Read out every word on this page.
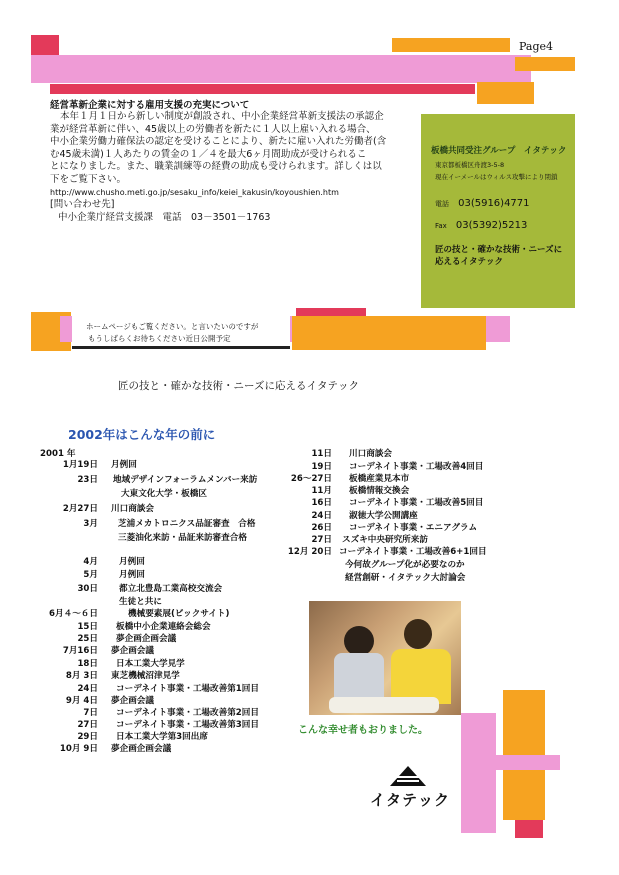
Page4
経営革新企業に対する雇用支援の充実について

本年１月１日から新しい制度が創設され、中小企業経営革新支援法の承認企

業が経営革新に伴い、45歳以上の労働者を新たに１人以上雇い入れる場合、

中小企業労働力確保法の認定を受けることにより、新たに雇い入れた労働者(含

む45歳未満)１人あたりの賃金の１／４を最大6ヶ月間助成が受けられるこ

とになりました。また、職業訓練等の経費の助成も受けられます。詳しくは以

下をご覧下さい。

http://www.chusho.meti.go.jp/sesaku_info/keiei_kakusin/koyoushien.htm

[問い合わせ先]

中小企業庁経営支援課　電話　03－3501－1763

板橋共同受注グループ　イタテック
東京都板橋区舟渡3-5-8
現在イーメールはウィルス攻撃により閉鎖
電話 03(5916)4771
Fax 03(5392)5213
匠の技と・確かな技術・ニーズに
応えるイタテック
ホームページもご覧ください。と言いたいのですが
もうしばらくお待ちください近日公開予定
匠の技と・確かな技術・ニーズに応えるイタテック
2002年はこんな年の前に
2001 年
1月19日 月例回
23日 地域デザインフォーラムメンバー来訪
大東文化大学・板橋区
2月27日 川口商談会
3月 芝浦メカトロニクス品証審査　合格
三菱油化来訪・品証来訪審査合格
4月 月例回
5月 月例回
30日 都立北豊島工業高校交流会
生徒と共に
6月４～６日	機械要素展(ビックサイト)
15日 板橋中小企業連絡会総会
25日 夢企画企画会議
7月16日 夢企画会議
18日 日本工業大学見学
8月 3日 東芝機械沼津見学
24日 コーデネイト事業・工場改善第1回目
9月 4日 夢企画会議
7日 コーデネイト事業・工場改善第2回目
27日 コーデネイト事業・工場改善第3回目
29日 日本工業大学第3回出席
10月 9日 夢企画企画会議
11日 川口商談会
19日 コーデネイト事業・工場改善4回目
26～27日 板橋産業見本市
11月 板橋情報交換会
16日 コーデネイト事業・工場改善5回目
24日 淑徳大学公開講座
26日 コーデネイト事業・エニアグラム
27日 スズキ中央研究所来訪
12月 20日 コーデネイト事業・工場改善6+1回目
今何故グループ化が必要なのか
経営創研・イタテック大討論会
こんな幸せ者もおりました。
イタテック
